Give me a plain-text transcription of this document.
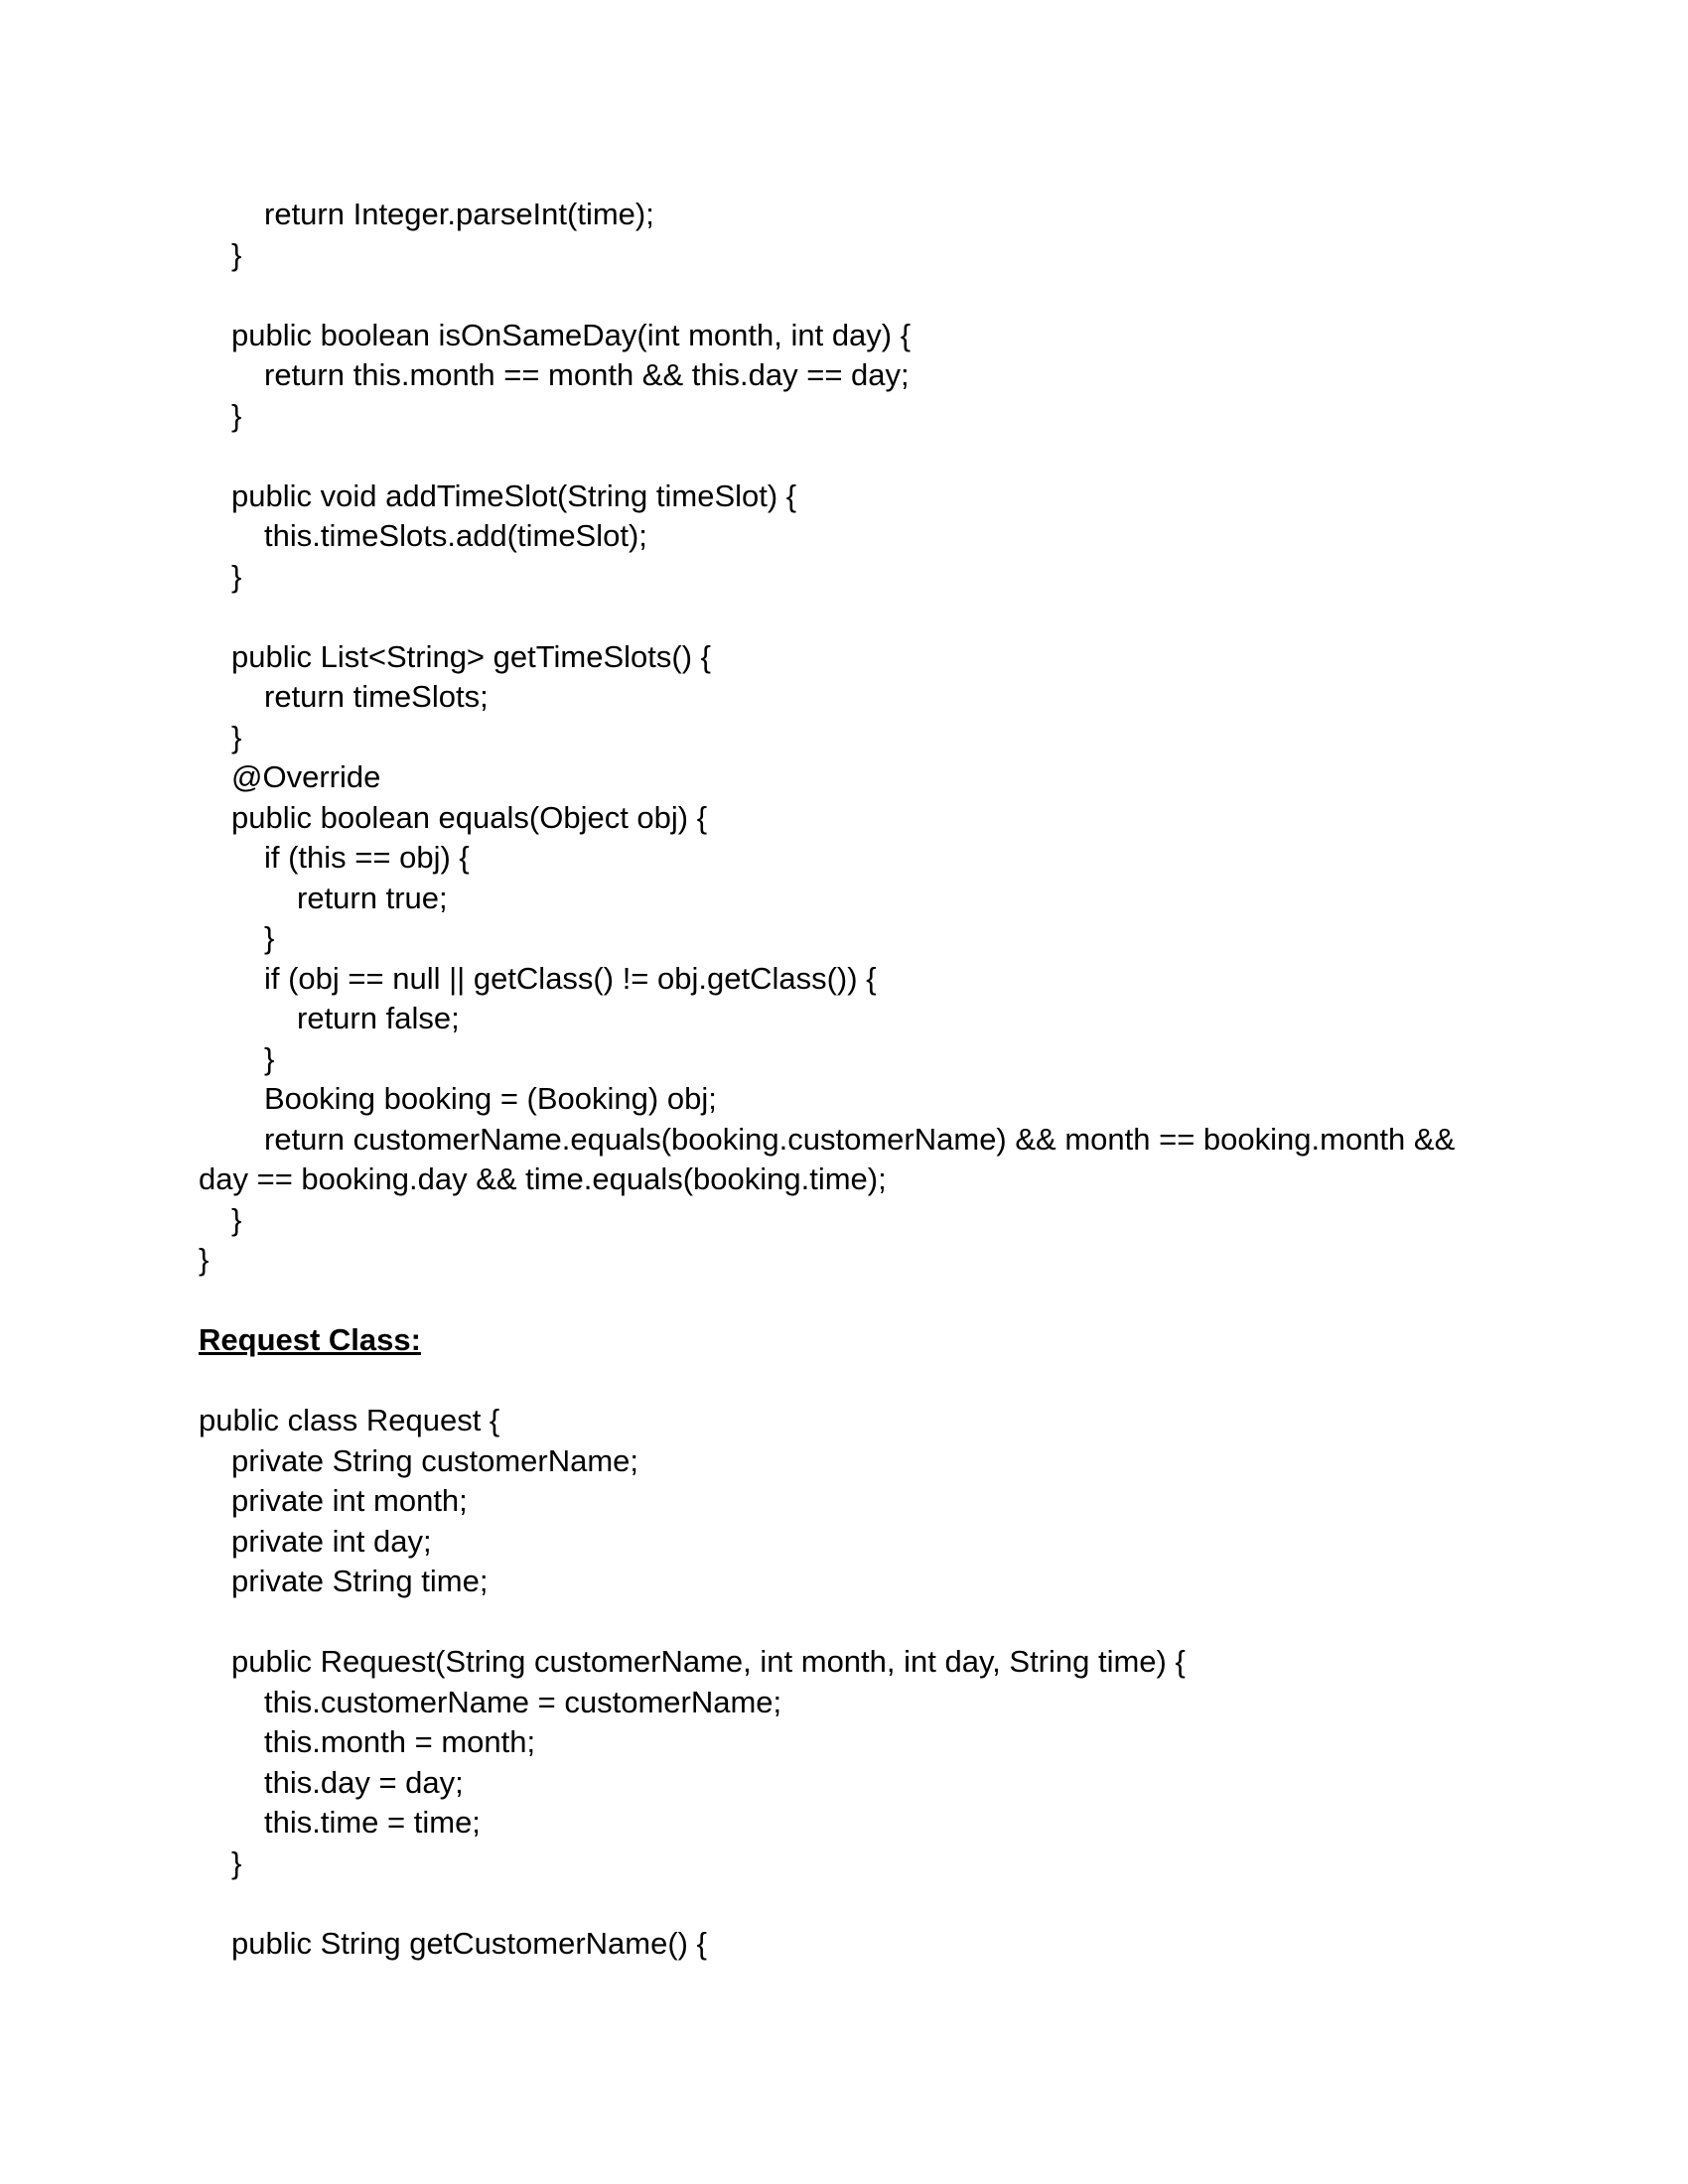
return Integer.parseInt(time);
}
public boolean isOnSameDay(int month, int day) {
return this.month == month && this.day == day;
}
public void addTimeSlot(String timeSlot) {
this.timeSlots.add(timeSlot);
}
public List<String> getTimeSlots() {
return timeSlots;
}
@Override
public boolean equals(Object obj) {
if (this == obj) {
return true;
}
if (obj == null || getClass() != obj.getClass()) {
return false;
}
Booking booking = (Booking) obj;
return customerName.equals(booking.customerName) && month == booking.month &&
day == booking.day && time.equals(booking.time);
}
}
Request Class:
public class Request {
private String customerName;
private int month;
private int day;
private String time;
public Request(String customerName, int month, int day, String time) {
this.customerName = customerName;
this.month = month;
this.day = day;
this.time = time;
}
public String getCustomerName() {
